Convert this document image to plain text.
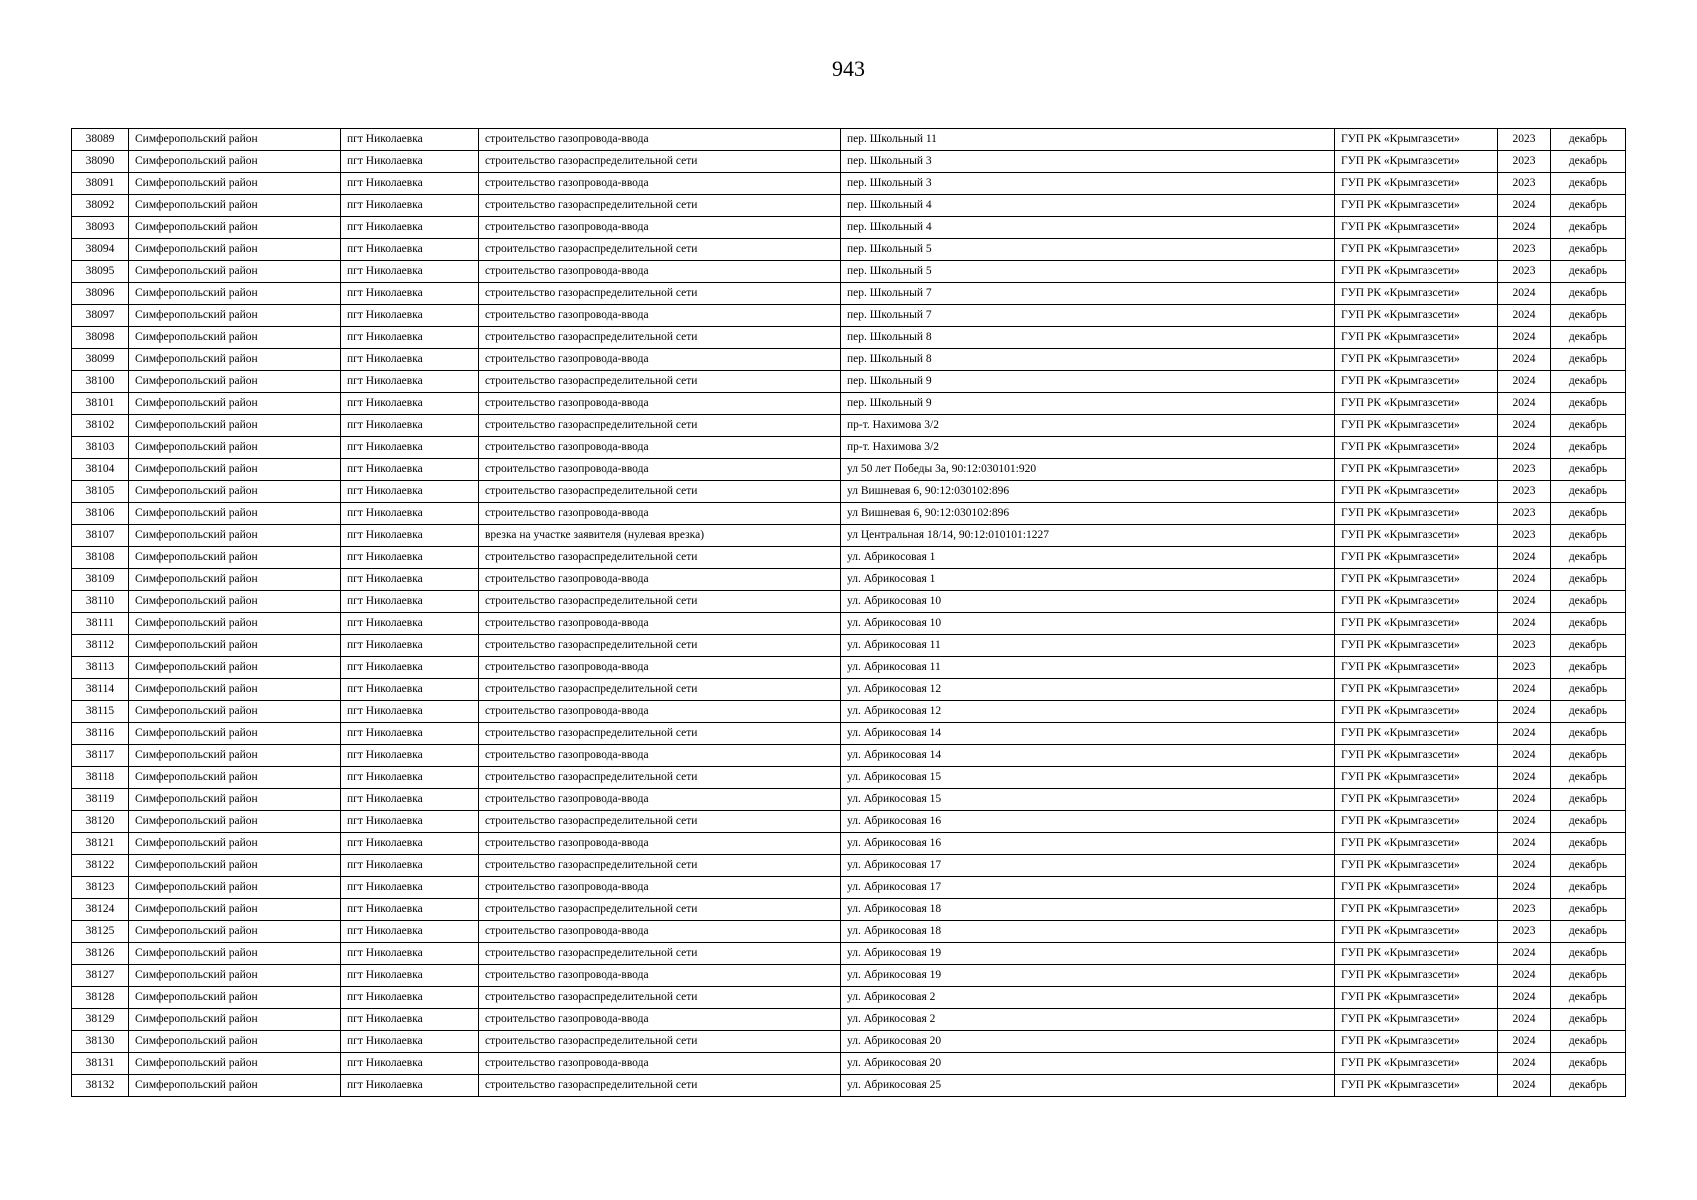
943
38089	Симферопольский район	пгт Николаевка	строительство газопровода-ввода	пер. Школьный 11	ГУП РК «Крымгазсети»	2023	декабрь
38090	Симферопольский район	пгт Николаевка	строительство газораспределительной сети	пер. Школьный 3	ГУП РК «Крымгазсети»	2023	декабрь
38091	Симферопольский район	пгт Николаевка	строительство газопровода-ввода	пер. Школьный 3	ГУП РК «Крымгазсети»	2023	декабрь
38092	Симферопольский район	пгт Николаевка	строительство газораспределительной сети	пер. Школьный 4	ГУП РК «Крымгазсети»	2024	декабрь
38093	Симферопольский район	пгт Николаевка	строительство газопровода-ввода	пер. Школьный 4	ГУП РК «Крымгазсети»	2024	декабрь
38094	Симферопольский район	пгт Николаевка	строительство газораспределительной сети	пер. Школьный 5	ГУП РК «Крымгазсети»	2023	декабрь
38095	Симферопольский район	пгт Николаевка	строительство газопровода-ввода	пер. Школьный 5	ГУП РК «Крымгазсети»	2023	декабрь
38096	Симферопольский район	пгт Николаевка	строительство газораспределительной сети	пер. Школьный 7	ГУП РК «Крымгазсети»	2024	декабрь
38097	Симферопольский район	пгт Николаевка	строительство газопровода-ввода	пер. Школьный 7	ГУП РК «Крымгазсети»	2024	декабрь
38098	Симферопольский район	пгт Николаевка	строительство газораспределительной сети	пер. Школьный 8	ГУП РК «Крымгазсети»	2024	декабрь
38099	Симферопольский район	пгт Николаевка	строительство газопровода-ввода	пер. Школьный 8	ГУП РК «Крымгазсети»	2024	декабрь
38100	Симферопольский район	пгт Николаевка	строительство газораспределительной сети	пер. Школьный 9	ГУП РК «Крымгазсети»	2024	декабрь
38101	Симферопольский район	пгт Николаевка	строительство газопровода-ввода	пер. Школьный 9	ГУП РК «Крымгазсети»	2024	декабрь
38102	Симферопольский район	пгт Николаевка	строительство газораспределительной сети	пр-т. Нахимова 3/2	ГУП РК «Крымгазсети»	2024	декабрь
38103	Симферопольский район	пгт Николаевка	строительство газопровода-ввода	пр-т. Нахимова 3/2	ГУП РК «Крымгазсети»	2024	декабрь
38104	Симферопольский район	пгт Николаевка	строительство газопровода-ввода	ул 50 лет Победы 3а, 90:12:030101:920	ГУП РК «Крымгазсети»	2023	декабрь
38105	Симферопольский район	пгт Николаевка	строительство газораспределительной сети	ул Вишневая 6, 90:12:030102:896	ГУП РК «Крымгазсети»	2023	декабрь
38106	Симферопольский район	пгт Николаевка	строительство газопровода-ввода	ул Вишневая 6, 90:12:030102:896	ГУП РК «Крымгазсети»	2023	декабрь
38107	Симферопольский район	пгт Николаевка	врезка на участке заявителя (нулевая врезка)	ул Центральная 18/14, 90:12:010101:1227	ГУП РК «Крымгазсети»	2023	декабрь
38108	Симферопольский район	пгт Николаевка	строительство газораспределительной сети	ул. Абрикосовая 1	ГУП РК «Крымгазсети»	2024	декабрь
38109	Симферопольский район	пгт Николаевка	строительство газопровода-ввода	ул. Абрикосовая 1	ГУП РК «Крымгазсети»	2024	декабрь
38110	Симферопольский район	пгт Николаевка	строительство газораспределительной сети	ул. Абрикосовая 10	ГУП РК «Крымгазсети»	2024	декабрь
38111	Симферопольский район	пгт Николаевка	строительство газопровода-ввода	ул. Абрикосовая 10	ГУП РК «Крымгазсети»	2024	декабрь
38112	Симферопольский район	пгт Николаевка	строительство газораспределительной сети	ул. Абрикосовая 11	ГУП РК «Крымгазсети»	2023	декабрь
38113	Симферопольский район	пгт Николаевка	строительство газопровода-ввода	ул. Абрикосовая 11	ГУП РК «Крымгазсети»	2023	декабрь
38114	Симферопольский район	пгт Николаевка	строительство газораспределительной сети	ул. Абрикосовая 12	ГУП РК «Крымгазсети»	2024	декабрь
38115	Симферопольский район	пгт Николаевка	строительство газопровода-ввода	ул. Абрикосовая 12	ГУП РК «Крымгазсети»	2024	декабрь
38116	Симферопольский район	пгт Николаевка	строительство газораспределительной сети	ул. Абрикосовая 14	ГУП РК «Крымгазсети»	2024	декабрь
38117	Симферопольский район	пгт Николаевка	строительство газопровода-ввода	ул. Абрикосовая 14	ГУП РК «Крымгазсети»	2024	декабрь
38118	Симферопольский район	пгт Николаевка	строительство газораспределительной сети	ул. Абрикосовая 15	ГУП РК «Крымгазсети»	2024	декабрь
38119	Симферопольский район	пгт Николаевка	строительство газопровода-ввода	ул. Абрикосовая 15	ГУП РК «Крымгазсети»	2024	декабрь
38120	Симферопольский район	пгт Николаевка	строительство газораспределительной сети	ул. Абрикосовая 16	ГУП РК «Крымгазсети»	2024	декабрь
38121	Симферопольский район	пгт Николаевка	строительство газопровода-ввода	ул. Абрикосовая 16	ГУП РК «Крымгазсети»	2024	декабрь
38122	Симферопольский район	пгт Николаевка	строительство газораспределительной сети	ул. Абрикосовая 17	ГУП РК «Крымгазсети»	2024	декабрь
38123	Симферопольский район	пгт Николаевка	строительство газопровода-ввода	ул. Абрикосовая 17	ГУП РК «Крымгазсети»	2024	декабрь
38124	Симферопольский район	пгт Николаевка	строительство газораспределительной сети	ул. Абрикосовая 18	ГУП РК «Крымгазсети»	2023	декабрь
38125	Симферопольский район	пгт Николаевка	строительство газопровода-ввода	ул. Абрикосовая 18	ГУП РК «Крымгазсети»	2023	декабрь
38126	Симферопольский район	пгт Николаевка	строительство газораспределительной сети	ул. Абрикосовая 19	ГУП РК «Крымгазсети»	2024	декабрь
38127	Симферопольский район	пгт Николаевка	строительство газопровода-ввода	ул. Абрикосовая 19	ГУП РК «Крымгазсети»	2024	декабрь
38128	Симферопольский район	пгт Николаевка	строительство газораспределительной сети	ул. Абрикосовая 2	ГУП РК «Крымгазсети»	2024	декабрь
38129	Симферопольский район	пгт Николаевка	строительство газопровода-ввода	ул. Абрикосовая 2	ГУП РК «Крымгазсети»	2024	декабрь
38130	Симферопольский район	пгт Николаевка	строительство газораспределительной сети	ул. Абрикосовая 20	ГУП РК «Крымгазсети»	2024	декабрь
38131	Симферопольский район	пгт Николаевка	строительство газопровода-ввода	ул. Абрикосовая 20	ГУП РК «Крымгазсети»	2024	декабрь
38132	Симферопольский район	пгт Николаевка	строительство газораспределительной сети	ул. Абрикосовая 25	ГУП РК «Крымгазсети»	2024	декабрь
